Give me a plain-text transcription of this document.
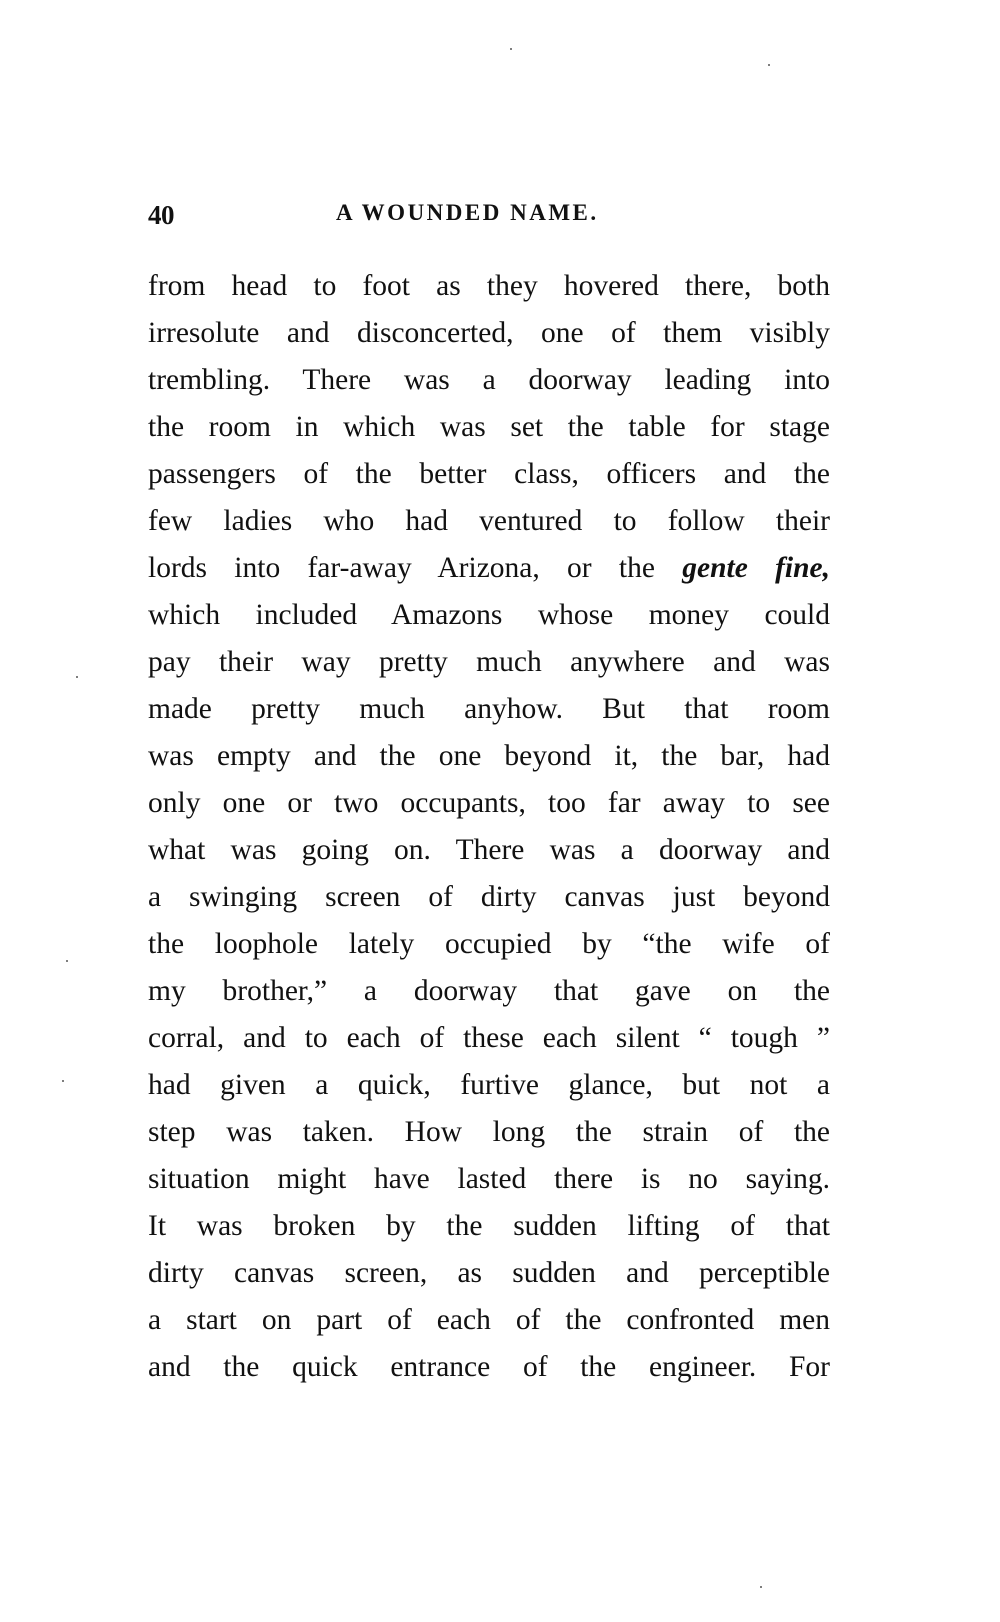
40	A WOUNDED NAME.
from head to foot as they hovered there, both
irresolute and disconcerted, one of them visibly
trembling. There was a doorway leading into
the room in which was set the table for stage
passengers of the better class, officers and the
few ladies who had ventured to follow their
lords into far-away Arizona, or the gente fine,
which included Amazons whose money could
pay their way pretty much anywhere and was
made pretty much anyhow. But that room
was empty and the one beyond it, the bar, had
only one or two occupants, too far away to see
what was going on. There was a doorway and
a swinging screen of dirty canvas just beyond
the loophole lately occupied by “the wife of
my brother,” a doorway that gave on the
corral, and to each of these each silent “ tough ”
had given a quick, furtive glance, but not a
step was taken. How long the strain of the
situation might have lasted there is no saying.
It was broken by the sudden lifting of that
dirty canvas screen, as sudden and perceptible
a start on part of each of the confronted men
and the quick entrance of the engineer. For
